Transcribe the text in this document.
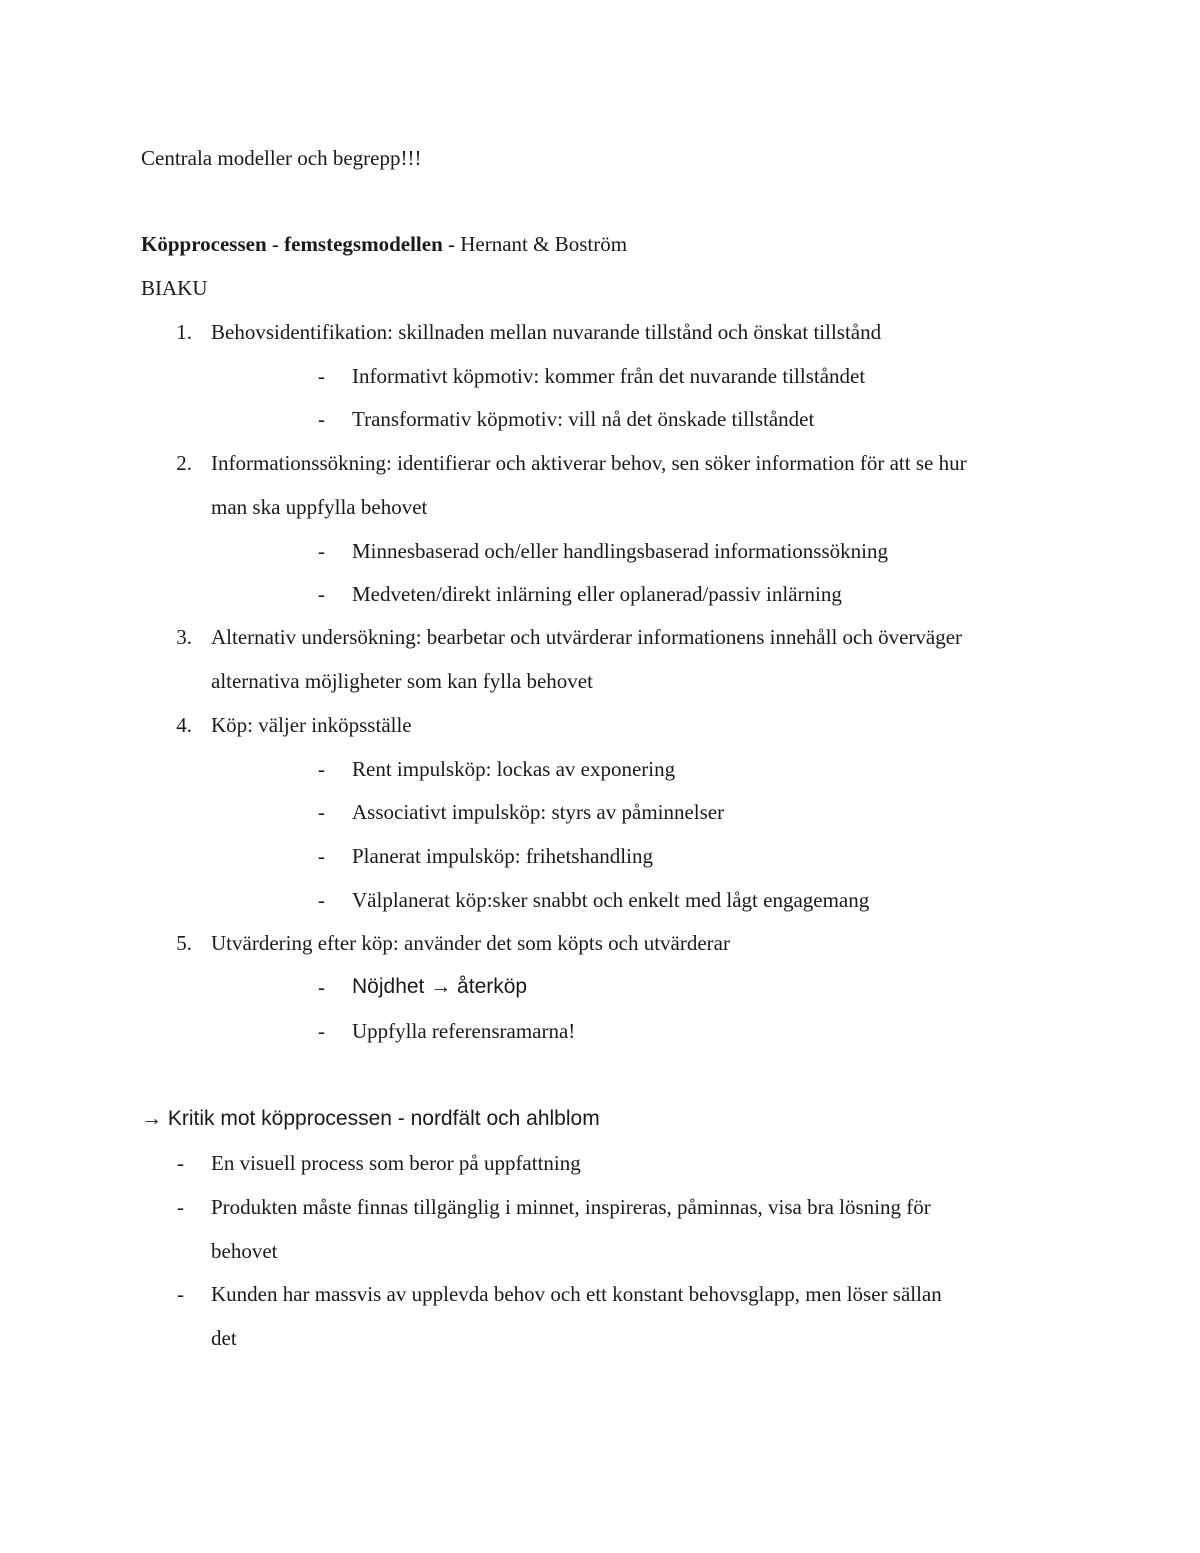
Centrala modeller och begrepp!!!
Köpprocessen - femstegsmodellen - Hernant & Boström
BIAKU
1. Behovsidentifikation: skillnaden mellan nuvarande tillstånd och önskat tillstånd
- Informativt köpmotiv: kommer från det nuvarande tillståndet
- Transformativ köpmotiv: vill nå det önskade tillståndet
2. Informationssökning: identifierar och aktiverar behov, sen söker information för att se hur
man ska uppfylla behovet
- Minnesbaserad och/eller handlingsbaserad informationssökning
- Medveten/direkt inlärning eller oplanerad/passiv inlärning
3. Alternativ undersökning: bearbetar och utvärderar informationens innehåll och överväger
alternativa möjligheter som kan fylla behovet
4. Köp: väljer inköpsställe
- Rent impulsköp: lockas av exponering
- Associativt impulsköp: styrs av påminnelser
- Planerat impulsköp: frihetshandling
- Välplanerat köp:sker snabbt och enkelt med lågt engagemang
5. Utvärdering efter köp: använder det som köpts och utvärderar
- Nöjdhet → återköp
- Uppfylla referensramarna!
→ Kritik mot köpprocessen - nordfält och ahlblom
- En visuell process som beror på uppfattning
- Produkten måste finnas tillgänglig i minnet, inspireras, påminnas, visa bra lösning för
behovet
- Kunden har massvis av upplevda behov och ett konstant behovsglapp, men löser sällan
det
